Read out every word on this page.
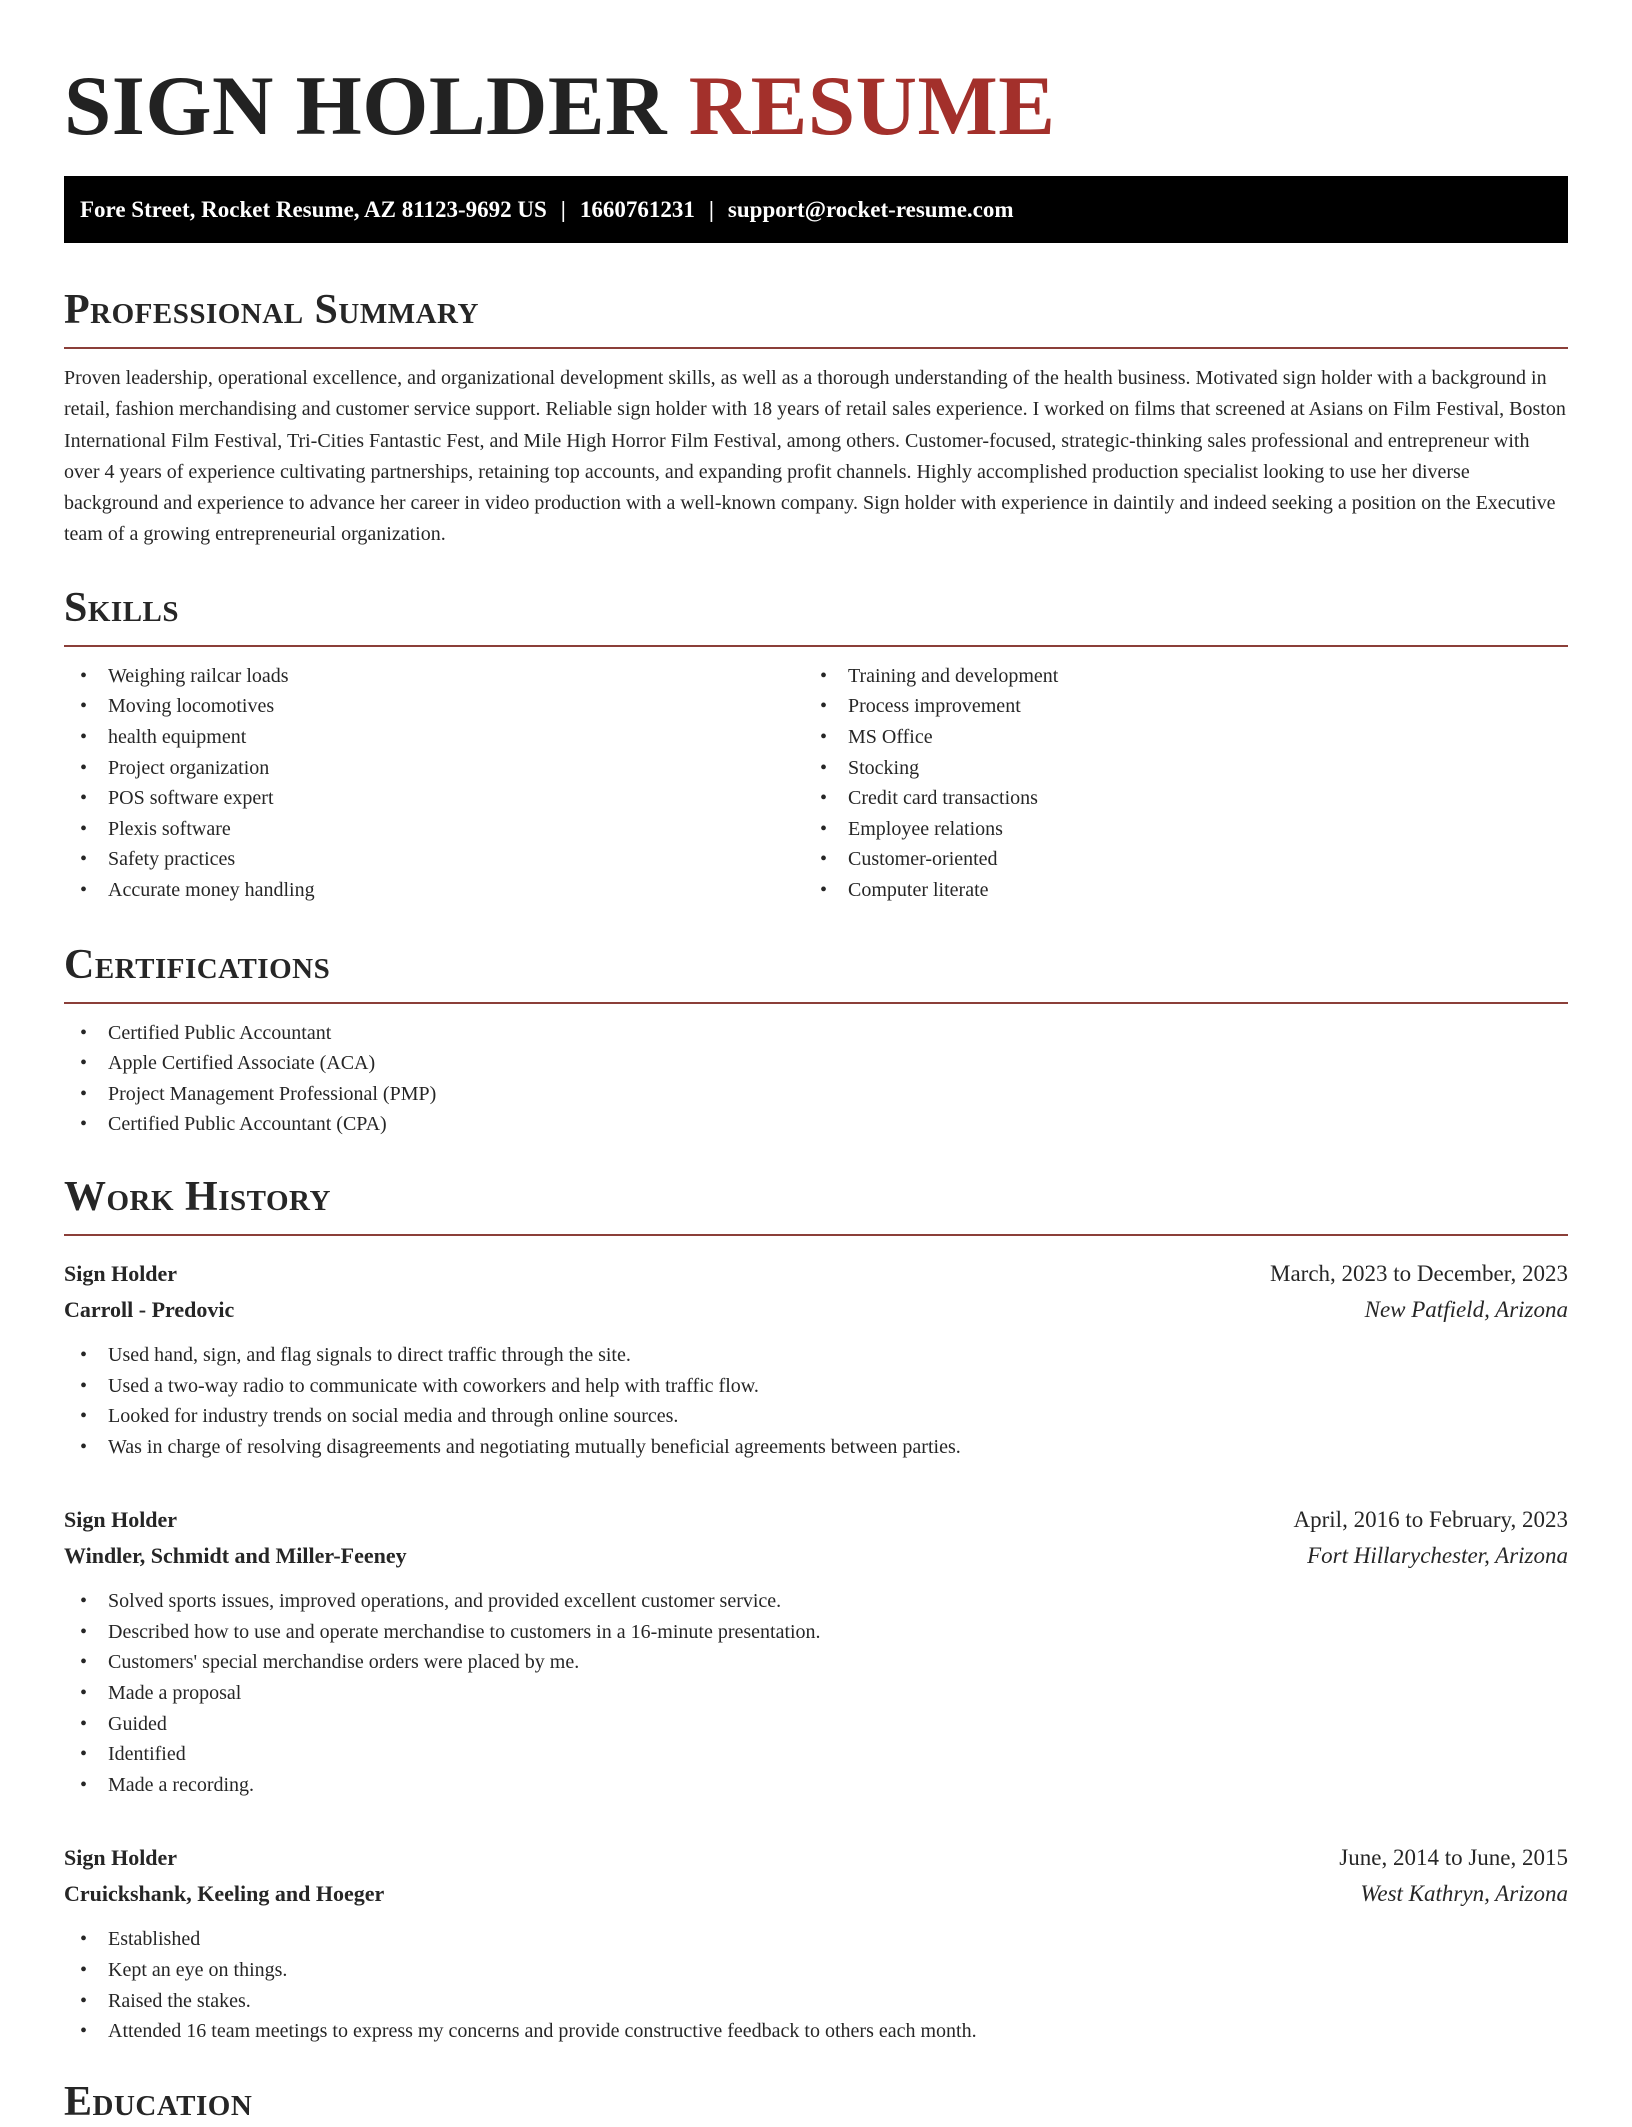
SIGN HOLDER RESUME
Fore Street, Rocket Resume, AZ 81123-9692 US | 1660761231 | support@rocket-resume.com
Professional Summary

Proven leadership, operational excellence, and organizational development skills, as well as a thorough understanding of the health business. Motivated sign holder with a background in retail, fashion merchandising and customer service support. Reliable sign holder with 18 years of retail sales experience. I worked on films that screened at Asians on Film Festival, Boston International Film Festival, Tri-Cities Fantastic Fest, and Mile High Horror Film Festival, among others. Customer-focused, strategic-thinking sales professional and entrepreneur with over 4 years of experience cultivating partnerships, retaining top accounts, and expanding profit channels. Highly accomplished production specialist looking to use her diverse background and experience to advance her career in video production with a well-known company. Sign holder with experience in daintily and indeed seeking a position on the Executive team of a growing entrepreneurial organization.

Skills
• Weighing railcar loads
• Moving locomotives
• health equipment
• Project organization
• POS software expert
• Plexis software
• Safety practices
• Accurate money handling
• Training and development
• Process improvement
• MS Office
• Stocking
• Credit card transactions
• Employee relations
• Customer-oriented
• Computer literate
Certifications
• Certified Public Accountant
• Apple Certified Associate (ACA)
• Project Management Professional (PMP)
• Certified Public Accountant (CPA)
Work History
Sign Holder	March, 2023 to December, 2023
Carroll - Predovic	New Patfield, Arizona
• Used hand, sign, and flag signals to direct traffic through the site.
• Used a two-way radio to communicate with coworkers and help with traffic flow.
• Looked for industry trends on social media and through online sources.
• Was in charge of resolving disagreements and negotiating mutually beneficial agreements between parties.
Sign Holder	April, 2016 to February, 2023
Windler, Schmidt and Miller-Feeney	Fort Hillarychester, Arizona
• Solved sports issues, improved operations, and provided excellent customer service.
• Described how to use and operate merchandise to customers in a 16-minute presentation.
• Customers' special merchandise orders were placed by me.
• Made a proposal
• Guided
• Identified
• Made a recording.
Sign Holder	June, 2014 to June, 2015
Cruickshank, Keeling and Hoeger	West Kathryn, Arizona
• Established
• Kept an eye on things.
• Raised the stakes.
• Attended 16 team meetings to express my concerns and provide constructive feedback to others each month.
Education
